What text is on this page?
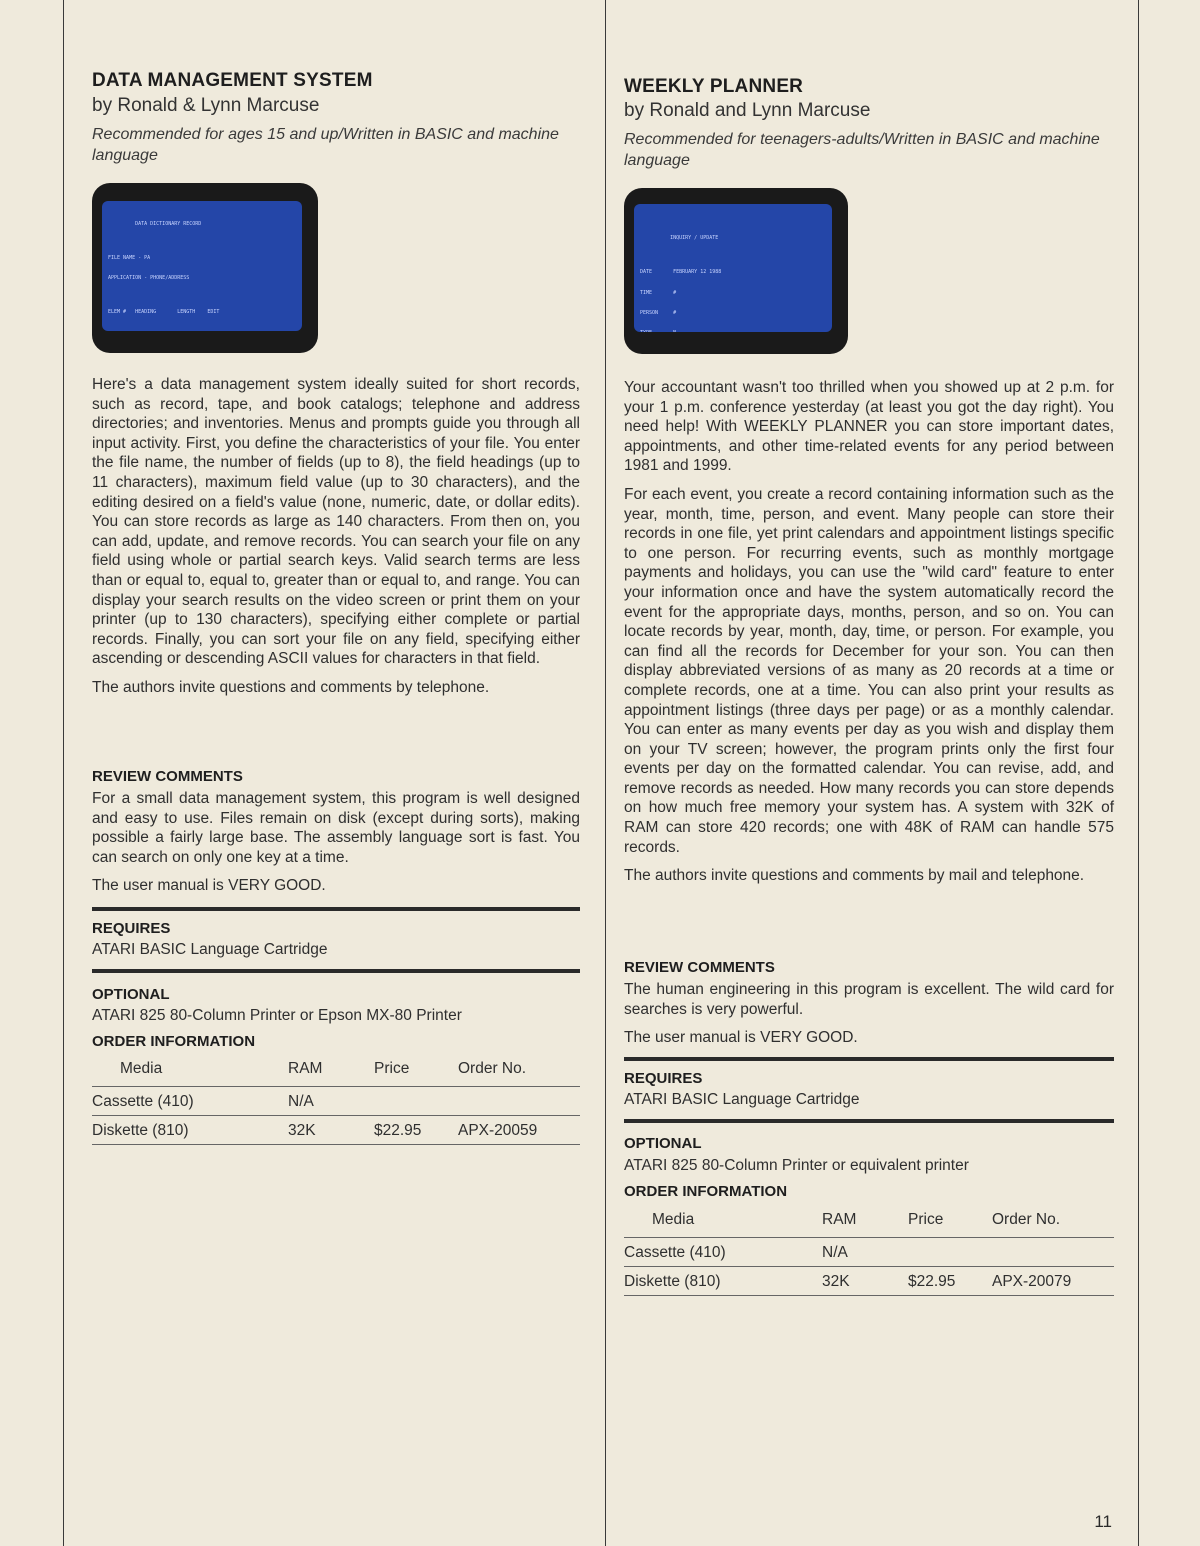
DATA MANAGEMENT SYSTEM
by Ronald & Lynn Marcuse
Recommended for ages 15 and up/Written in BASIC and machine language

DATA DICTIONARY RECORD

FILE NAME - PA

APPLICATION - PHONE/ADDRESS

ELEM #   HEADING       LENGTH    EDIT

Here's a data management system ideally suited for short records, such as record, tape, and book catalogs; telephone and address directories; and inventories. Menus and prompts guide you through all input activity. First, you define the characteristics of your file. You enter the file name, the number of fields (up to 8), the field headings (up to 11 characters), maximum field value (up to 30 characters), and the editing desired on a field's value (none, numeric, date, or dollar edits). You can store records as large as 140 characters. From then on, you can add, update, and remove records. You can search your file on any field using whole or partial search keys. Valid search terms are less than or equal to, equal to, greater than or equal to, and range. You can display your search results on the video screen or print them on your printer (up to 130 characters), specifying either complete or partial records. Finally, you can sort your file on any field, specifying either ascending or descending ASCII values for characters in that field.

The authors invite questions and comments by telephone.

REVIEW COMMENTS

For a small data management system, this program is well designed and easy to use. Files remain on disk (except during sorts), making possible a fairly large base. The assembly language sort is fast. You can search on only one key at a time.

The user manual is VERY GOOD.

REQUIRES
ATARI BASIC Language Cartridge
OPTIONAL
ATARI 825 80-Column Printer or Epson MX-80 Printer
ORDER INFORMATION
Media	RAM	Price	Order No.
Cassette (410)	N/A		
Diskette (810)	32K	$22.95	APX-20059
WEEKLY PLANNER
by Ronald and Lynn Marcuse
Recommended for teenagers-adults/Written in BASIC and machine language

INQUIRY / UPDATE

DATE       FEBRUARY 12 1988

TIME       #

PERSON     #

Your accountant wasn't too thrilled when you showed up at 2 p.m. for your 1 p.m. conference yesterday (at least you got the day right). You need help! With WEEKLY PLANNER you can store important dates, appointments, and other time-related events for any period between 1981 and 1999.

For each event, you create a record containing information such as the year, month, time, person, and event. Many people can store their records in one file, yet print calendars and appointment listings specific to one person. For recurring events, such as monthly mortgage payments and holidays, you can use the "wild card" feature to enter your information once and have the system automatically record the event for the appropriate days, months, person, and so on. You can locate records by year, month, day, time, or person. For example, you can find all the records for December for your son. You can then display abbreviated versions of as many as 20 records at a time or complete records, one at a time. You can also print your results as appointment listings (three days per page) or as a monthly calendar. You can enter as many events per day as you wish and display them on your TV screen; however, the program prints only the first four events per day on the formatted calendar. You can revise, add, and remove records as needed. How many records you can store depends on how much free memory your system has. A system with 32K of RAM can store 420 records; one with 48K of RAM can handle 575 records.

The authors invite questions and comments by mail and telephone.

REVIEW COMMENTS

The human engineering in this program is excellent. The wild card for searches is very powerful.

The user manual is VERY GOOD.

REQUIRES
ATARI BASIC Language Cartridge
OPTIONAL
ATARI 825 80-Column Printer or equivalent printer
ORDER INFORMATION
Media	RAM	Price	Order No.
Cassette (410)	N/A		
Diskette (810)	32K	$22.95	APX-20079
11
